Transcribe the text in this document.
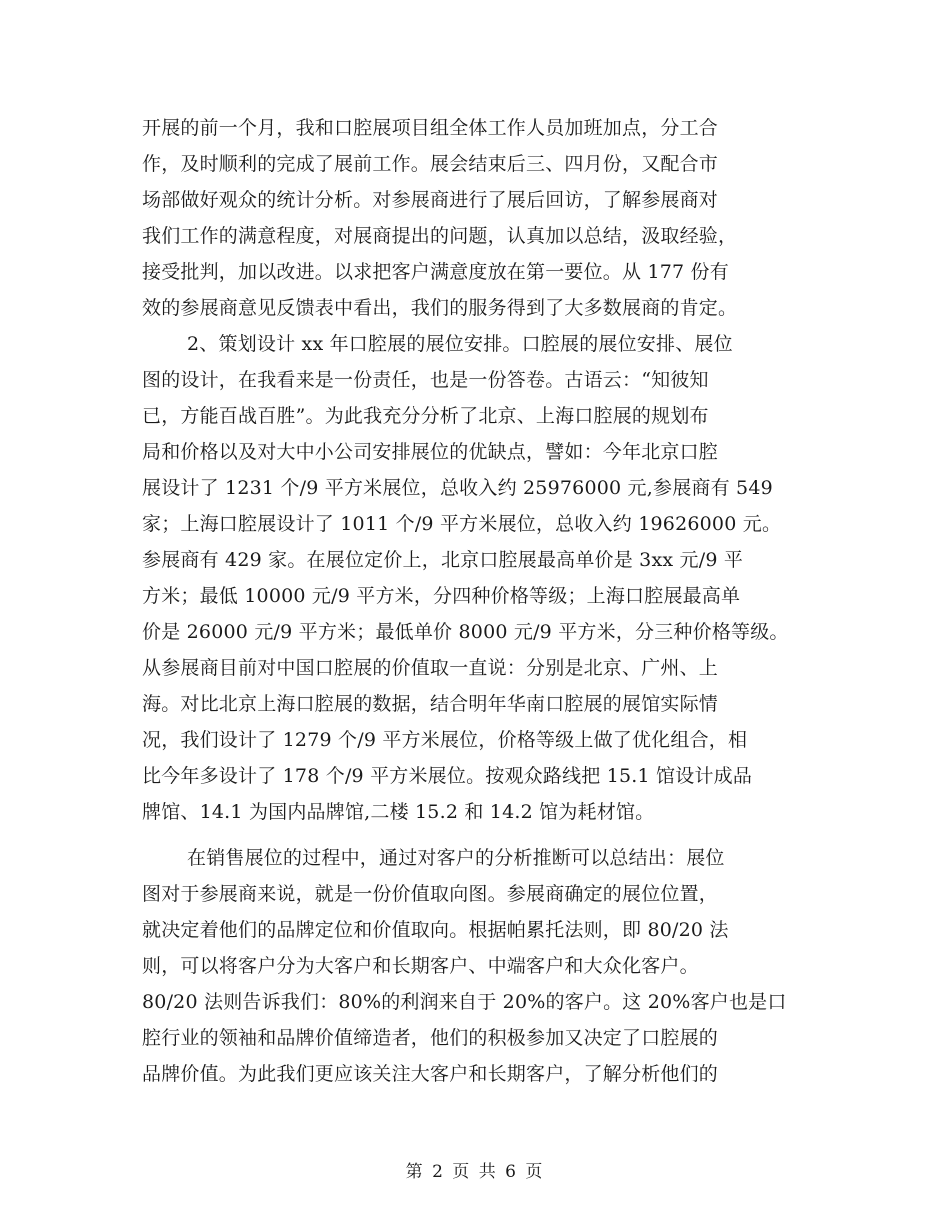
开展的前一个月，我和口腔展项目组全体工作人员加班加点，分工合
作，及时顺利的完成了展前工作。展会结束后三、四月份，又配合市
场部做好观众的统计分析。对参展商进行了展后回访，了解参展商对
我们工作的满意程度，对展商提出的问题，认真加以总结，汲取经验，
接受批判，加以改进。以求把客户满意度放在第一要位。从 177 份有
效的参展商意见反馈表中看出，我们的服务得到了大多数展商的肯定。
2、策划设计 xx 年口腔展的展位安排。口腔展的展位安排、展位
图的设计，在我看来是一份责任，也是一份答卷。古语云：“知彼知
已，方能百战百胜”。为此我充分分析了北京、上海口腔展的规划布
局和价格以及对大中小公司安排展位的优缺点，譬如：今年北京口腔
展设计了 1231 个/9 平方米展位，总收入约 25976000 元,参展商有 549
家；上海口腔展设计了 1011 个/9 平方米展位，总收入约 19626000 元。
参展商有 429 家。在展位定价上，北京口腔展最高单价是 3xx 元/9 平
方米；最低 10000 元/9 平方米，分四种价格等级；上海口腔展最高单
价是 26000 元/9 平方米；最低单价 8000 元/9 平方米，分三种价格等级。
从参展商目前对中国口腔展的价值取一直说：分别是北京、广州、上
海。对比北京上海口腔展的数据，结合明年华南口腔展的展馆实际情
况，我们设计了 1279 个/9 平方米展位，价格等级上做了优化组合，相
比今年多设计了 178 个/9 平方米展位。按观众路线把 15.1 馆设计成品
牌馆、14.1 为国内品牌馆,二楼 15.2 和 14.2 馆为耗材馆。
在销售展位的过程中，通过对客户的分析推断可以总结出：展位
图对于参展商来说，就是一份价值取向图。参展商确定的展位位置，
就决定着他们的品牌定位和价值取向。根据帕累托法则，即 80/20 法
则，可以将客户分为大客户和长期客户、中端客户和大众化客户。
80/20 法则告诉我们：80%的利润来自于 20%的客户。这 20%客户也是口
腔行业的领袖和品牌价值缔造者，他们的积极参加又决定了口腔展的
品牌价值。为此我们更应该关注大客户和长期客户，了解分析他们的
第 2 页 共 6 页
